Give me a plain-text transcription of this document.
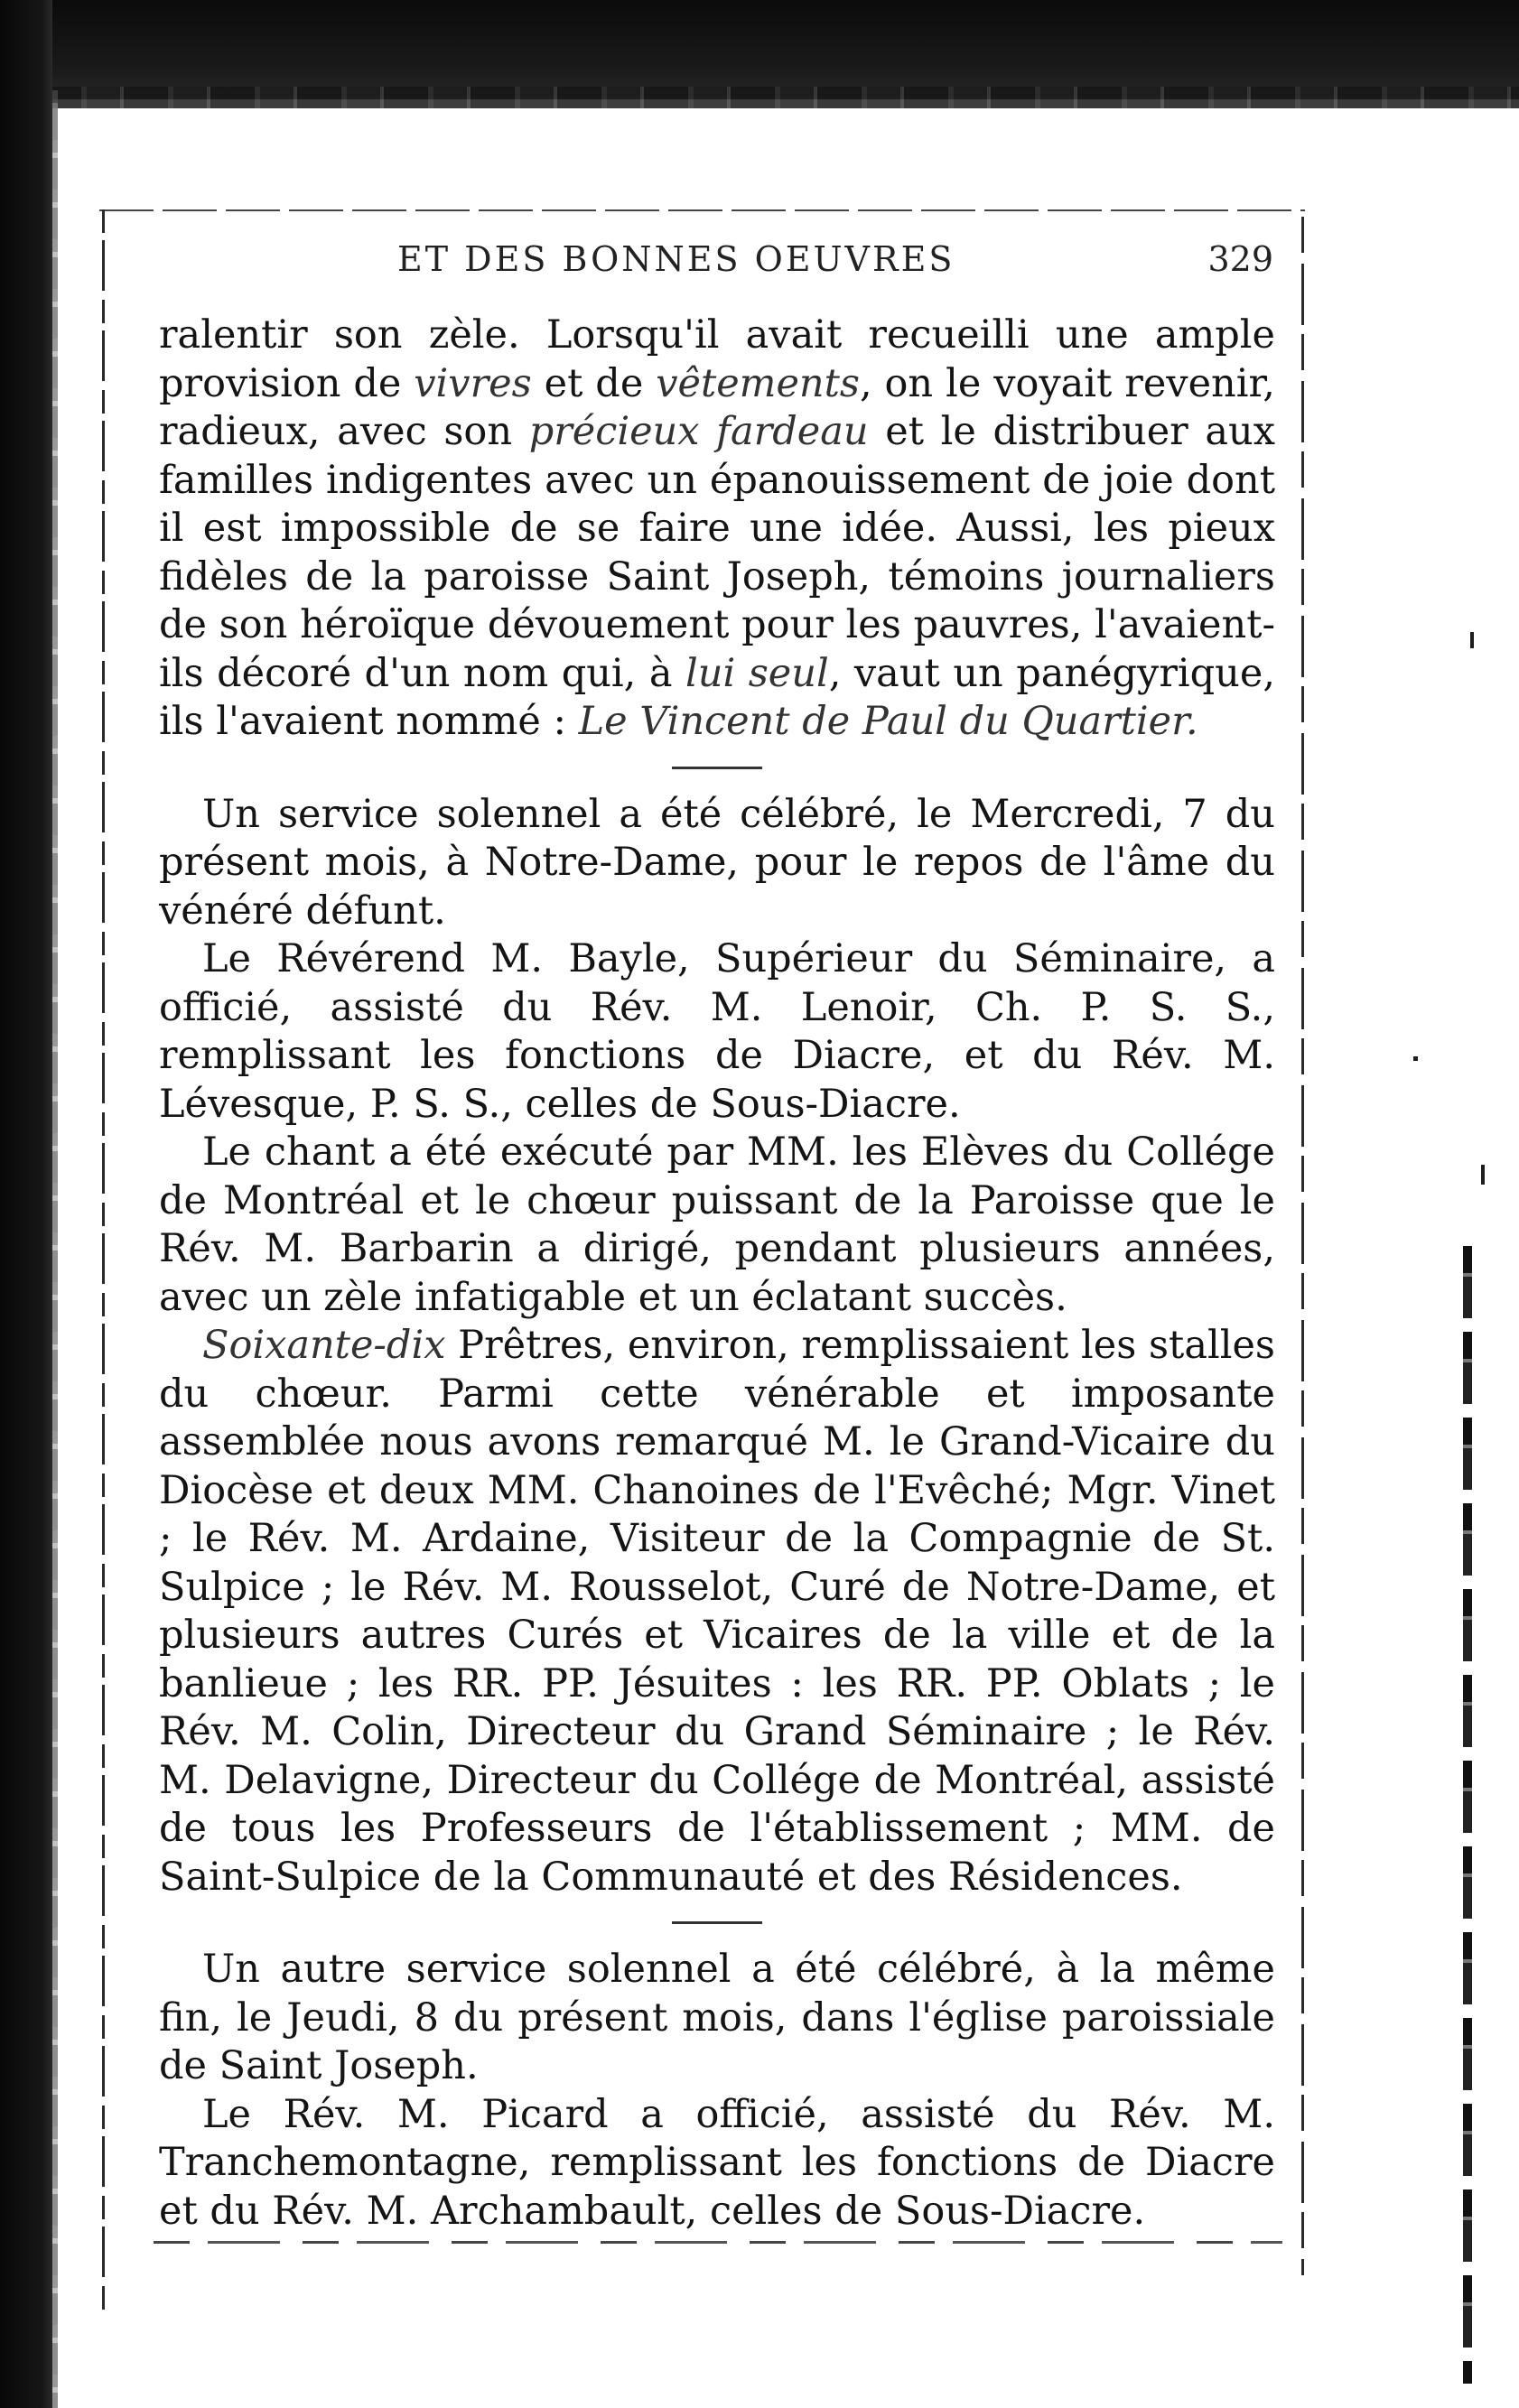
ET DES BONNES OEUVRES	329

ralentir son zèle. Lorsqu'il avait recueilli une ample provision de vivres et de vêtements, on le voyait revenir, radieux, avec son précieux fardeau et le distribuer aux familles indigentes avec un épanouissement de joie dont il est impossible de se faire une idée. Aussi, les pieux fidèles de la paroisse Saint Joseph, témoins journaliers de son héroïque dévouement pour les pauvres, l'avaient-ils décoré d'un nom qui, à lui seul, vaut un panégyrique, ils l'avaient nommé : Le Vincent de Paul du Quartier.

Un service solennel a été célébré, le Mercredi, 7 du présent mois, à Notre-Dame, pour le repos de l'âme du vénéré défunt.

Le Révérend M. Bayle, Supérieur du Séminaire, a officié, assisté du Rév. M. Lenoir, Ch. P. S. S., remplissant les fonctions de Diacre, et du Rév. M. Lévesque, P. S. S., celles de Sous-Diacre.

Le chant a été exécuté par MM. les Elèves du Collége de Montréal et le chœur puissant de la Paroisse que le Rév. M. Barbarin a dirigé, pendant plusieurs années, avec un zèle infatigable et un éclatant succès.

Soixante-dix Prêtres, environ, remplissaient les stalles du chœur. Parmi cette vénérable et imposante assemblée nous avons remarqué M. le Grand-Vicaire du Diocèse et deux MM. Chanoines de l'Evêché; Mgr. Vinet ; le Rév. M. Ardaine, Visiteur de la Compagnie de St. Sulpice ; le Rév. M. Rousselot, Curé de Notre-Dame, et plusieurs autres Curés et Vicaires de la ville et de la banlieue ; les RR. PP. Jésuites : les RR. PP. Oblats ; le Rév. M. Colin, Directeur du Grand Séminaire ; le Rév. M. Delavigne, Directeur du Collége de Montréal, assisté de tous les Professeurs de l'établissement ; MM. de Saint-Sulpice de la Communauté et des Résidences.

Un autre service solennel a été célébré, à la même fin, le Jeudi, 8 du présent mois, dans l'église paroissiale de Saint Joseph.

Le Rév. M. Picard a officié, assisté du Rév. M. Tranchemontagne, remplissant les fonctions de Diacre et du Rév. M. Archambault, celles de Sous-Diacre.
